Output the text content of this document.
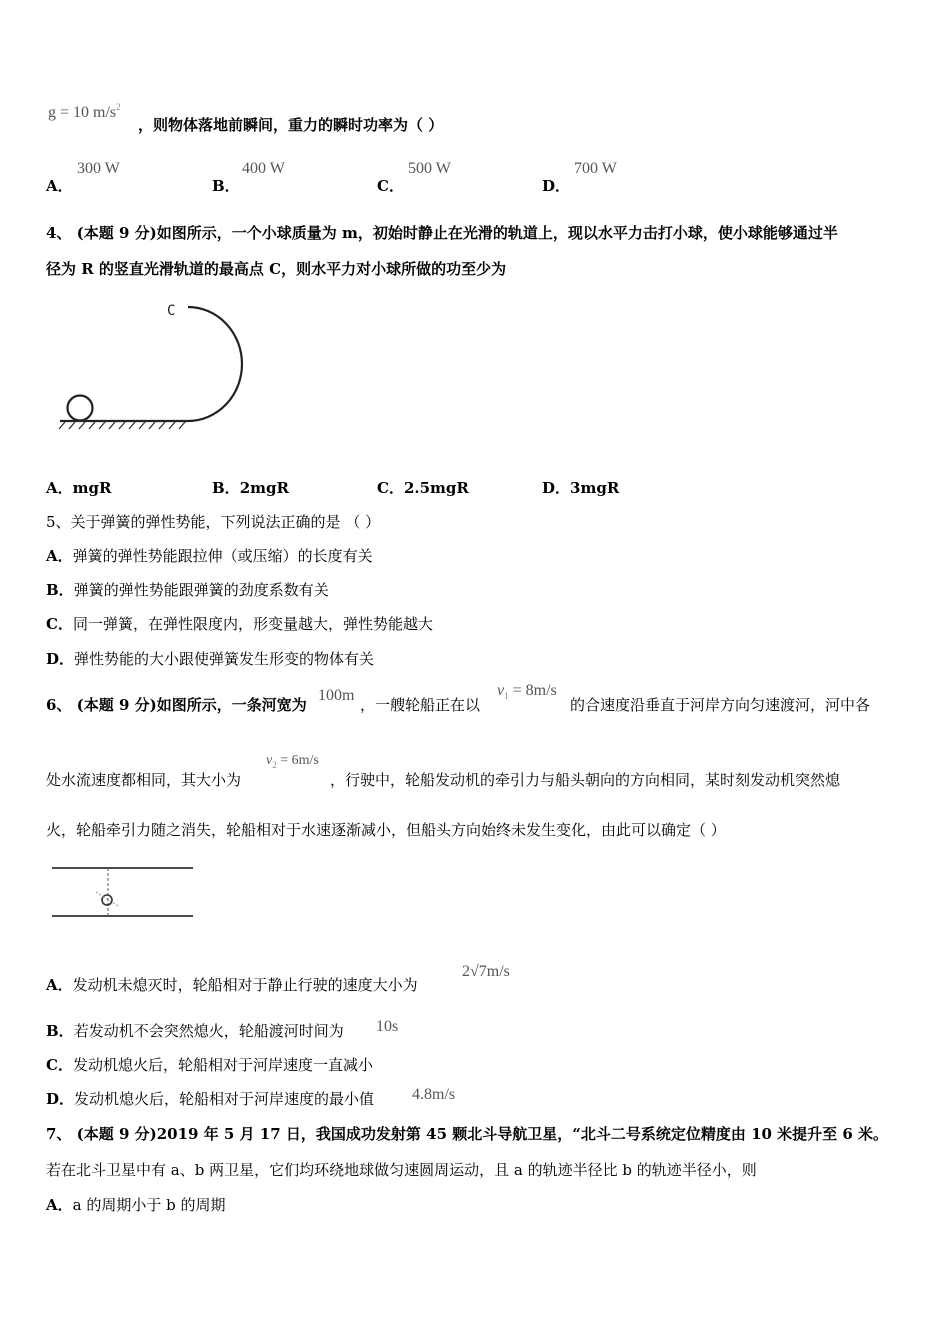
g = 10 $m/s^2$
，则物体落地前瞬间，重力的瞬时功率为（ ）
A．
300 W
B．
400 W
C．
500 W
D．
700 W
4、 (本题 9 分)如图所示，一个小球质量为 m，初始时静止在光滑的轨道上，现以水平力击打小球，使小球能够通过半
径为 R 的竖直光滑轨道的最高点 C，则水平力对小球所做的功至少为
C
A．mgR	B．2mgR	C．2.5mgR	D．3mgR
5、关于弹簧的弹性势能，下列说法正确的是 （ ）
A．弹簧的弹性势能跟拉伸（或压缩）的长度有关
B．弹簧的弹性势能跟弹簧的劲度系数有关
C．同一弹簧，在弹性限度内，形变量越大，弹性势能越大
D．弹性势能的大小跟使弹簧发生形变的物体有关
6、 (本题 9 分)如图所示，一条河宽为
100m
，一艘轮船正在以
$v_1 = 8m/s$
的合速度沿垂直于河岸方向匀速渡河，河中各
处水流速度都相同，其大小为
$v_2 = 6m/s$
，行驶中，轮船发动机的牵引力与船头朝向的方向相同，某时刻发动机突然熄
火，轮船牵引力随之消失，轮船相对于水速逐渐减小，但船头方向始终未发生变化，由此可以确定（ ）
A．发动机未熄灭时，轮船相对于静止行驶的速度大小为
2√7m/s
B．若发动机不会突然熄火，轮船渡河时间为 10s
C．发动机熄火后，轮船相对于河岸速度一直减小
D．发动机熄火后，轮船相对于河岸速度的最小值 4.8m/s
7、 (本题 9 分)2019 年 5 月 17 日，我国成功发射第 45 颗北斗导航卫星，“北斗二号系统定位精度由 10 米提升至 6 米。
若在北斗卫星中有 a、b 两卫星，它们均环绕地球做匀速圆周运动，且 a 的轨迹半径比 b 的轨迹半径小，则
A．a 的周期小于 b 的周期
